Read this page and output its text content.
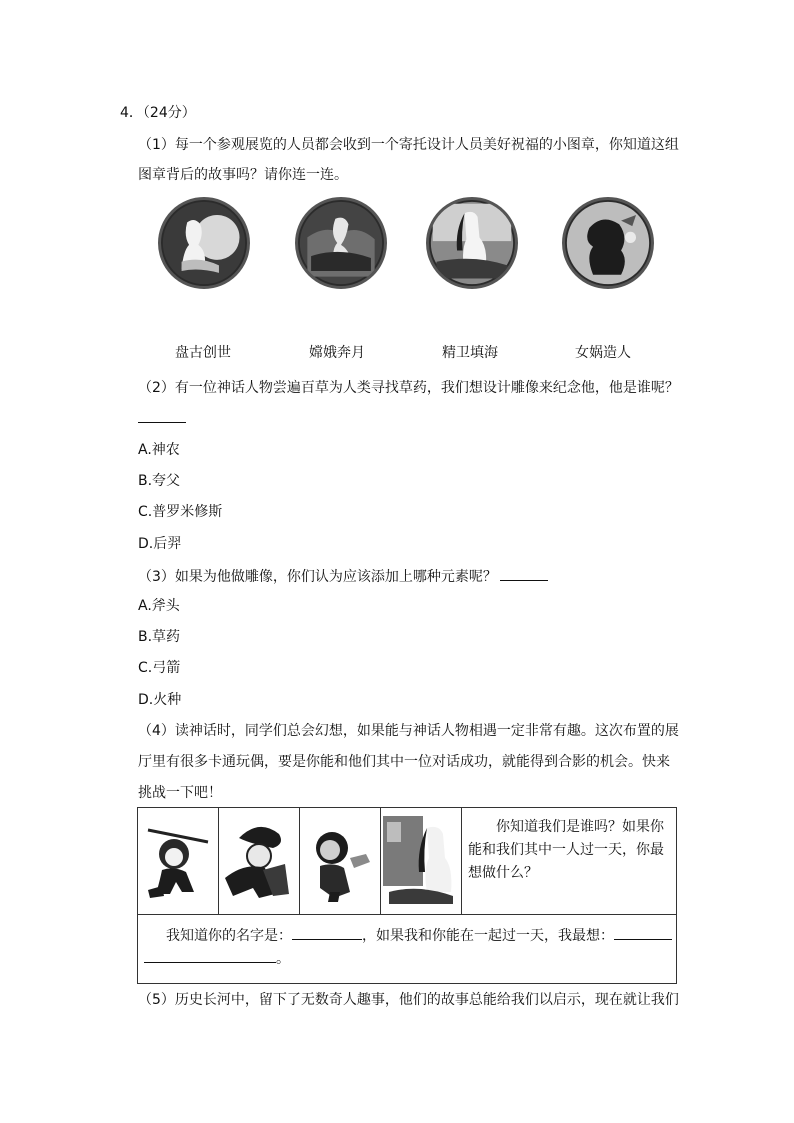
4．（24分）
（1）每一个参观展览的人员都会收到一个寄托设计人员美好祝福的小图章，你知道这组
图章背后的故事吗？请你连一连。
盘古创世	嫦娥奔月	精卫填海	女娲造人
（2）有一位神话人物尝遍百草为人类寻找草药，我们想设计雕像来纪念他，他是谁呢？
A.神农
B.夸父
C.普罗米修斯
D.后羿
（3）如果为他做雕像，你们认为应该添加上哪种元素呢？
A.斧头
B.草药
C.弓箭
D.火种
（4）读神话时，同学们总会幻想，如果能与神话人物相遇一定非常有趣。这次布置的展
厅里有很多卡通玩偶，要是你能和他们其中一位对话成功，就能得到合影的机会。快来
挑战一下吧！

你知道我们是谁吗？如果你能和我们其中一人过一天，你最想做什么？

我知道你的名字是：	，如果我和你能在一起过一天，我最想：
。
（5）历史长河中，留下了无数奇人趣事，他们的故事总能给我们以启示，现在就让我们
